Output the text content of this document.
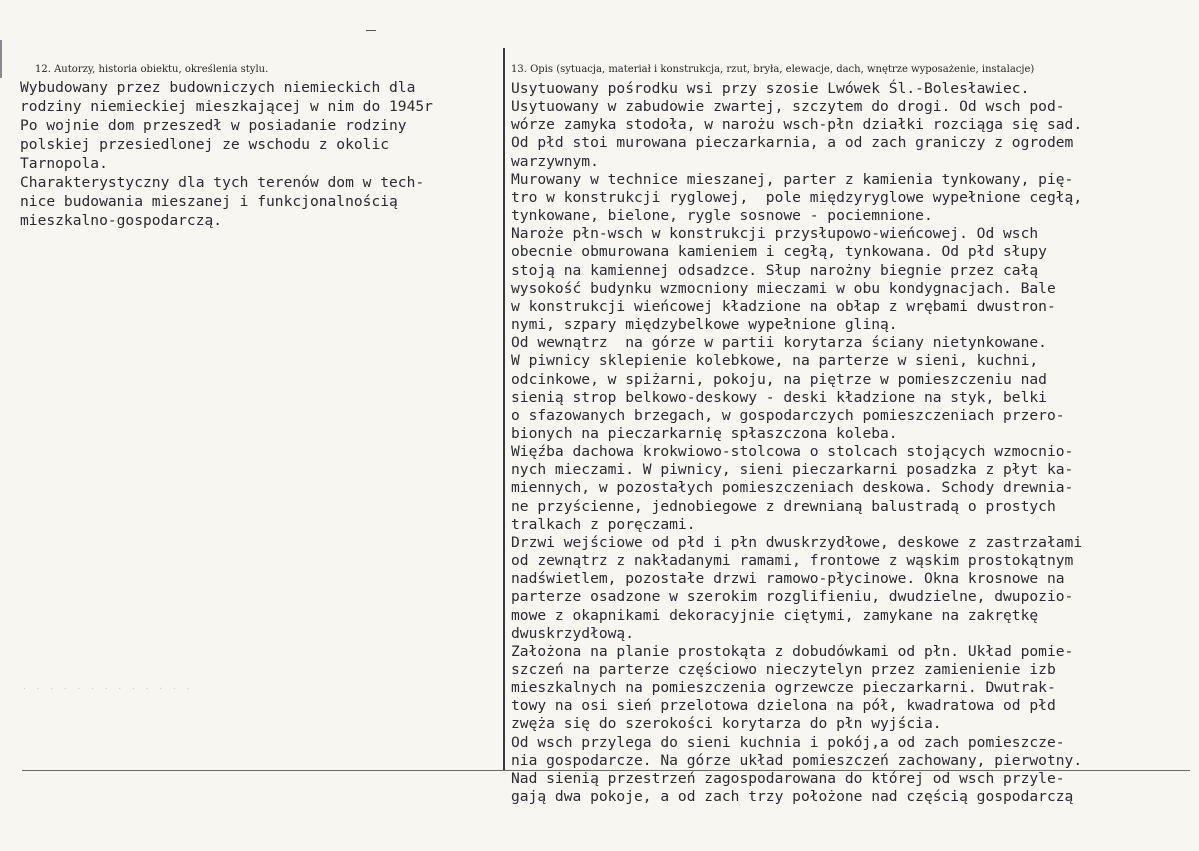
· · · · · · · · · · · · ·
12. Autorzy, historia obiektu, określenia stylu.	13. Opis (sytuacja, materiał i konstrukcja, rzut, bryła, elewacje, dach, wnętrze wyposażenie, instalacje)
Wybudowany przez budowniczych niemieckich dla
rodziny niemieckiej mieszkającej w nim do 1945r
Po wojnie dom przeszedł w posiadanie rodziny
polskiej przesiedlonej ze wschodu z okolic
Tarnopola.
Charakterystyczny dla tych terenów dom w tech-
nice budowania mieszanej i funkcjonalnością
mieszkalno-gospodarczą.
Usytuowany pośrodku wsi przy szosie Lwówek Śl.-Bolesławiec.
Usytuowany w zabudowie zwartej, szczytem do drogi. Od wsch pod-
wórze zamyka stodoła, w narożu wsch-płn działki rozciąga się sad.
Od płd stoi murowana pieczarkarnia, a od zach graniczy z ogrodem
warzywnym.
Murowany w technice mieszanej, parter z kamienia tynkowany, pię-
tro w konstrukcji ryglowej,  pole międzyryglowe wypełnione cegłą,
tynkowane, bielone, rygle sosnowe - pociemnione.
Naroże płn-wsch w konstrukcji przysłupowo-wieńcowej. Od wsch
obecnie obmurowana kamieniem i cegłą, tynkowana. Od płd słupy
stoją na kamiennej odsadzce. Słup narożny biegnie przez całą
wysokość budynku wzmocniony mieczami w obu kondygnacjach. Bale
w konstrukcji wieńcowej kładzione na obłap z wrębami dwustron-
nymi, szpary międzybelkowe wypełnione gliną.
Od wewnątrz  na górze w partii korytarza ściany nietynkowane.
W piwnicy sklepienie kolebkowe, na parterze w sieni, kuchni,
odcinkowe, w spiżarni, pokoju, na piętrze w pomieszczeniu nad
sienią strop belkowo-deskowy - deski kładzione na styk, belki
o sfazowanych brzegach, w gospodarczych pomieszczeniach przero-
bionych na pieczarkarnię spłaszczona koleba.
Więźba dachowa krokwiowo-stolcowa o stolcach stojących wzmocnio-
nych mieczami. W piwnicy, sieni pieczarkarni posadzka z płyt ka-
miennych, w pozostałych pomieszczeniach deskowa. Schody drewnia-
ne przyścienne, jednobiegowe z drewnianą balustradą o prostych
tralkach z poręczami.
Drzwi wejściowe od płd i płn dwuskrzydłowe, deskowe z zastrzałami
od zewnątrz z nakładanymi ramami, frontowe z wąskim prostokątnym
nadświetlem, pozostałe drzwi ramowo-płycinowe. Okna krosnowe na
parterze osadzone w szerokim rozglifieniu, dwudzielne, dwupozio-
mowe z okapnikami dekoracyjnie ciętymi, zamykane na zakrętkę
dwuskrzydłową.
Założona na planie prostokąta z dobudówkami od płn. Układ pomie-
szczeń na parterze częściowo nieczytelyn przez zamienienie izb
mieszkalnych na pomieszczenia ogrzewcze pieczarkarni. Dwutrak-
towy na osi sień przelotowa dzielona na pół, kwadratowa od płd
zwęża się do szerokości korytarza do płn wyjścia.
Od wsch przylega do sieni kuchnia i pokój,a od zach pomieszcze-
nia gospodarcze. Na górze układ pomieszczeń zachowany, pierwotny.
Nad sienią przestrzeń zagospodarowana do której od wsch przyle-
gają dwa pokoje, a od zach trzy położone nad częścią gospodarczą
